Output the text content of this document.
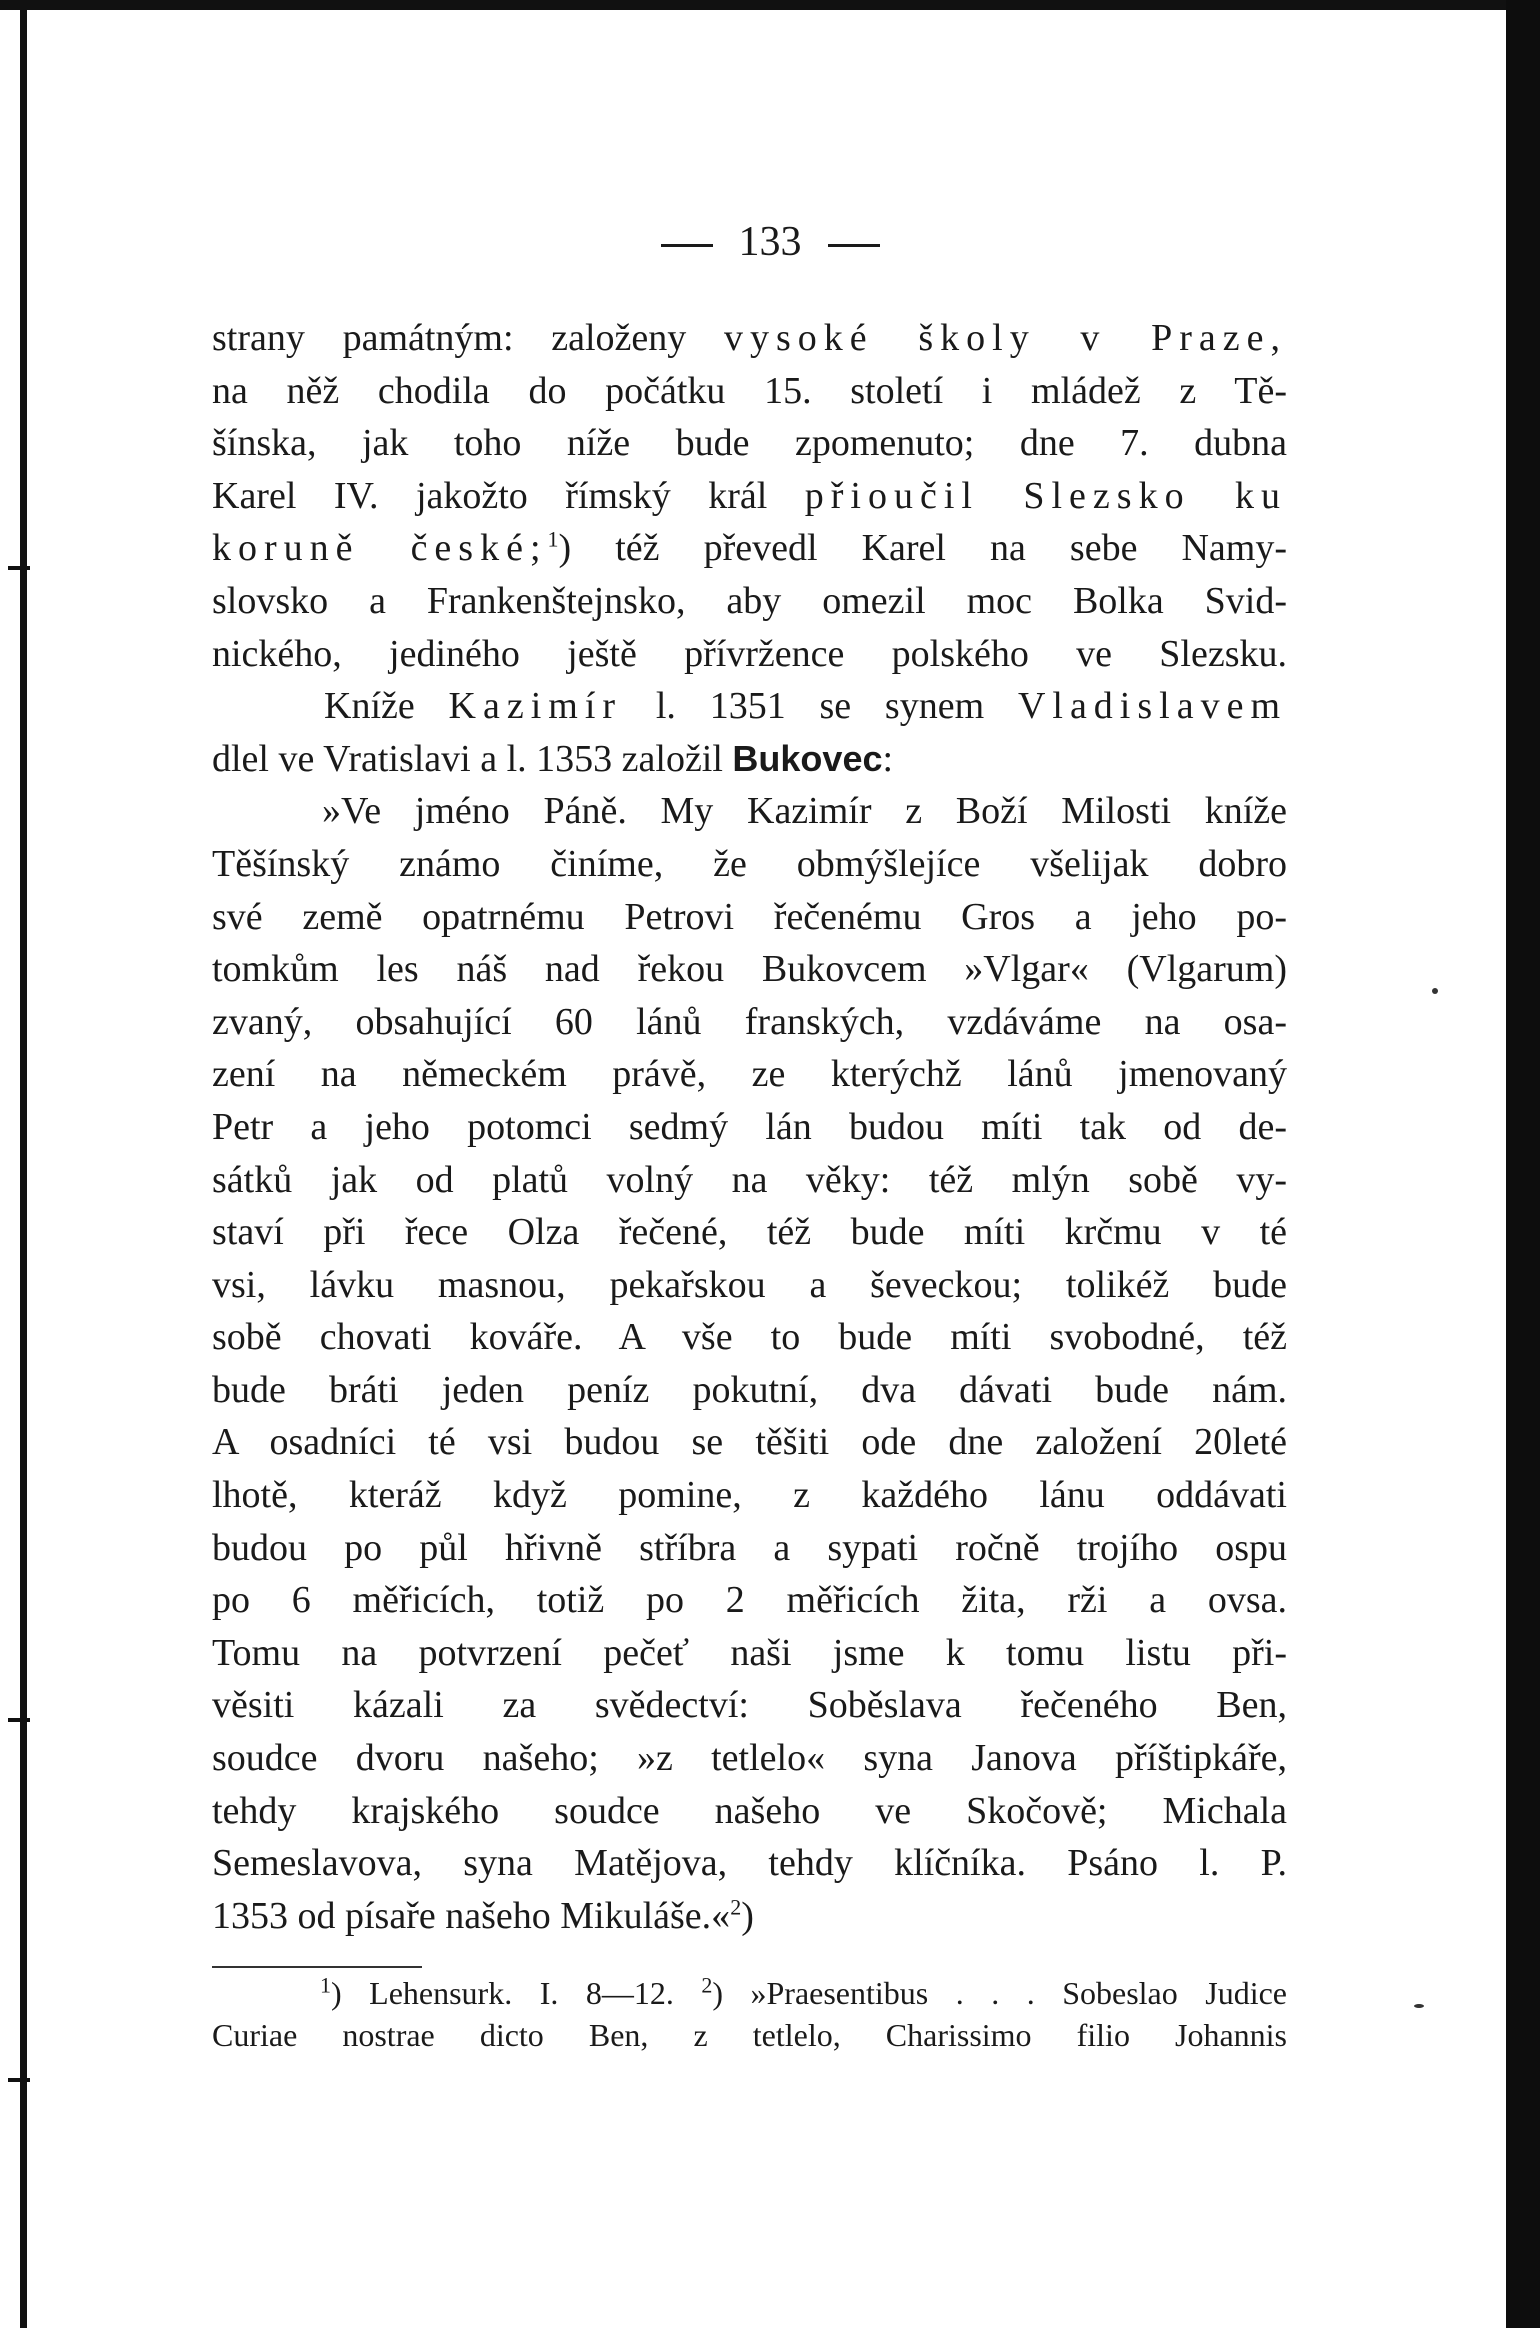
133
strany památným: založeny vysoké školy v Praze,
na něž chodila do počátku 15. století i mládež z Tě-
šínska, jak toho níže bude zpomenuto; dne 7. dubna
Karel IV. jakožto římský král přioučil Slezsko ku
koruně české;$^1$) též převedl Karel na sebe Namy-
slovsko a Frankenštejnsko, aby omezil moc Bolka Svid-
nického, jediného ještě přívržence polského ve Slezsku.
Kníže Kazimír l. 1351 se synem Vladislavem
dlel ve Vratislavi a l. 1353 založil Bukovec:
»Ve jméno Páně. My Kazimír z Boží Milosti kníže
Těšínský známo činíme, že obmýšlejíce všelijak dobro
své země opatrnému Petrovi řečenému Gros a jeho po-
tomkům les náš nad řekou Bukovcem »Vlgar« (Vlgarum)
zvaný, obsahující 60 lánů franských, vzdáváme na osa-
zení na německém právě, ze kterýchž lánů jmenovaný
Petr a jeho potomci sedmý lán budou míti tak od de-
sátků jak od platů volný na věky: též mlýn sobě vy-
staví při řece Olza řečené, též bude míti krčmu v té
vsi, lávku masnou, pekařskou a ševeckou; tolikéž bude
sobě chovati kováře. A vše to bude míti svobodné, též
bude bráti jeden peníz pokutní, dva dávati bude nám.
A osadníci té vsi budou se těšiti ode dne založení 20leté
lhotě, kteráž když pomine, z každého lánu oddávati
budou po půl hřivně stříbra a sypati ročně trojího ospu
po 6 měřicích, totiž po 2 měřicích žita, rži a ovsa.
Tomu na potvrzení pečeť naši jsme k tomu listu při-
věsiti kázali za svědectví: Soběslava řečeného Ben,
soudce dvoru našeho; »z tetlelo« syna Janova příštipkáře,
tehdy krajského soudce našeho ve Skočově; Michala
Semeslavova, syna Matějova, tehdy klíčníka. Psáno l. P.
1353 od písaře našeho Mikuláše.«$^2$)
$^1$) Lehensurk. I. 8—12. $^2$) »Praesentibus . . . Sobeslao Judice
Curiae nostrae dicto Ben, z tetlelo, Charissimo filio Johannis
